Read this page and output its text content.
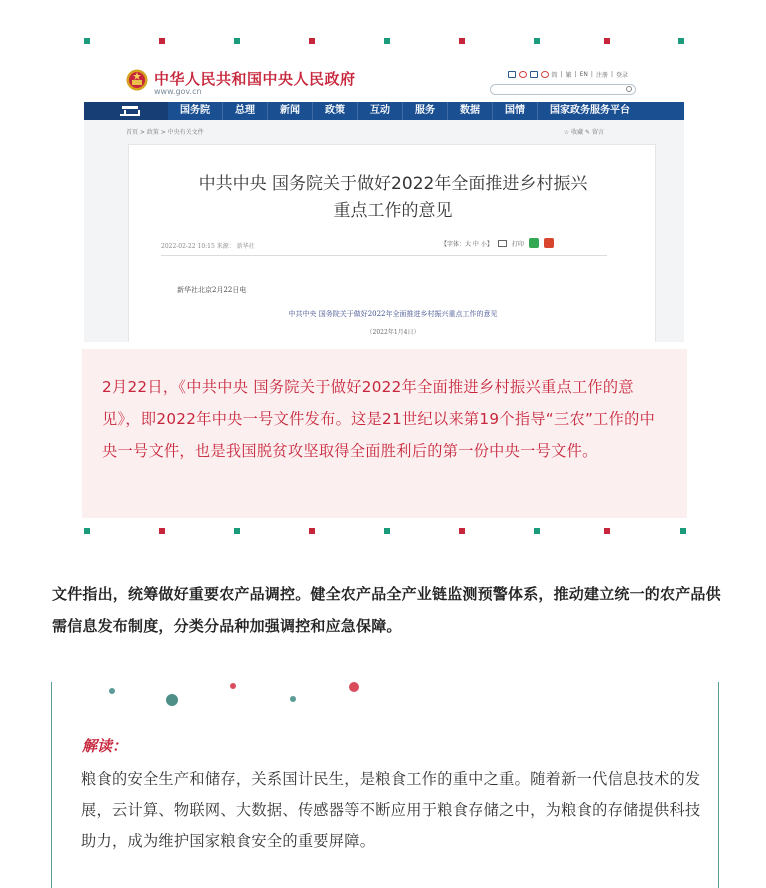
中华人民共和国中央人民政府
www.gov.cn
简 | 繁 | EN | 注册 | 登录
国务院	总理	新闻	政策	互动	服务	数据	国情	国家政务服务平台
首页 > 政策 > 中央有关文件	☆ 收藏 ✎ 留言
中共中央 国务院关于做好2022年全面推进乡村振兴
重点工作的意见
2022-02-22 10:15 来源： 新华社	【字体：大 中 小】	打印
新华社北京2月22日电
中共中央 国务院关于做好2022年全面推进乡村振兴重点工作的意见
（2022年1月4日）

2月22日，《中共中央 国务院关于做好2022年全面推进乡村振兴重点工作的意见》，即2022年中央一号文件发布。这是21世纪以来第19个指导“三农”工作的中央一号文件，也是我国脱贫攻坚取得全面胜利后的第一份中央一号文件。

文件指出，统筹做好重要农产品调控。健全农产品全产业链监测预警体系，推动建立统一的农产品供需信息发布制度，分类分品种加强调控和应急保障。
解读：
粮食的安全生产和储存，关系国计民生，是粮食工作的重中之重。随着新一代信息技术的发展，云计算、物联网、大数据、传感器等不断应用于粮食存储之中，为粮食的存储提供科技助力，成为维护国家粮食安全的重要屏障。
